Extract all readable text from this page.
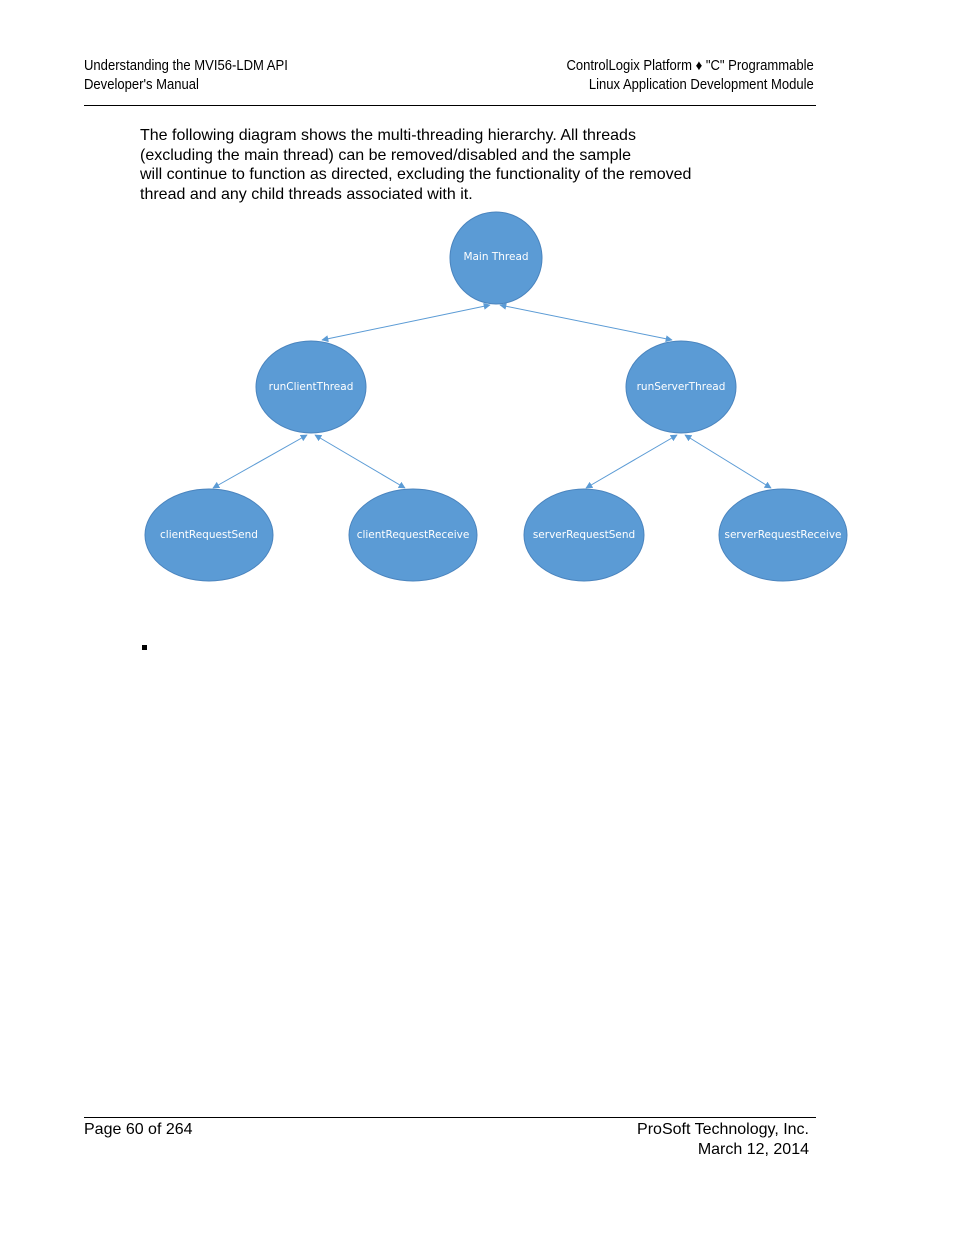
Understanding the MVI56-LDM API
Developer's Manual
ControlLogix Platform ♦ "C" Programmable
Linux Application Development Module
The following diagram shows the multi-threading hierarchy. All threads
(excluding the main thread) can be removed/disabled and the sample
will continue to function as directed, excluding the functionality of the removed
thread and any child threads associated with it.
Main Thread
runClientThread	runServerThread
clientRequestSend	clientRequestReceive	serverRequestSend	serverRequestReceive
Page 60 of 264	ProSoft Technology, Inc.
March 12, 2014
